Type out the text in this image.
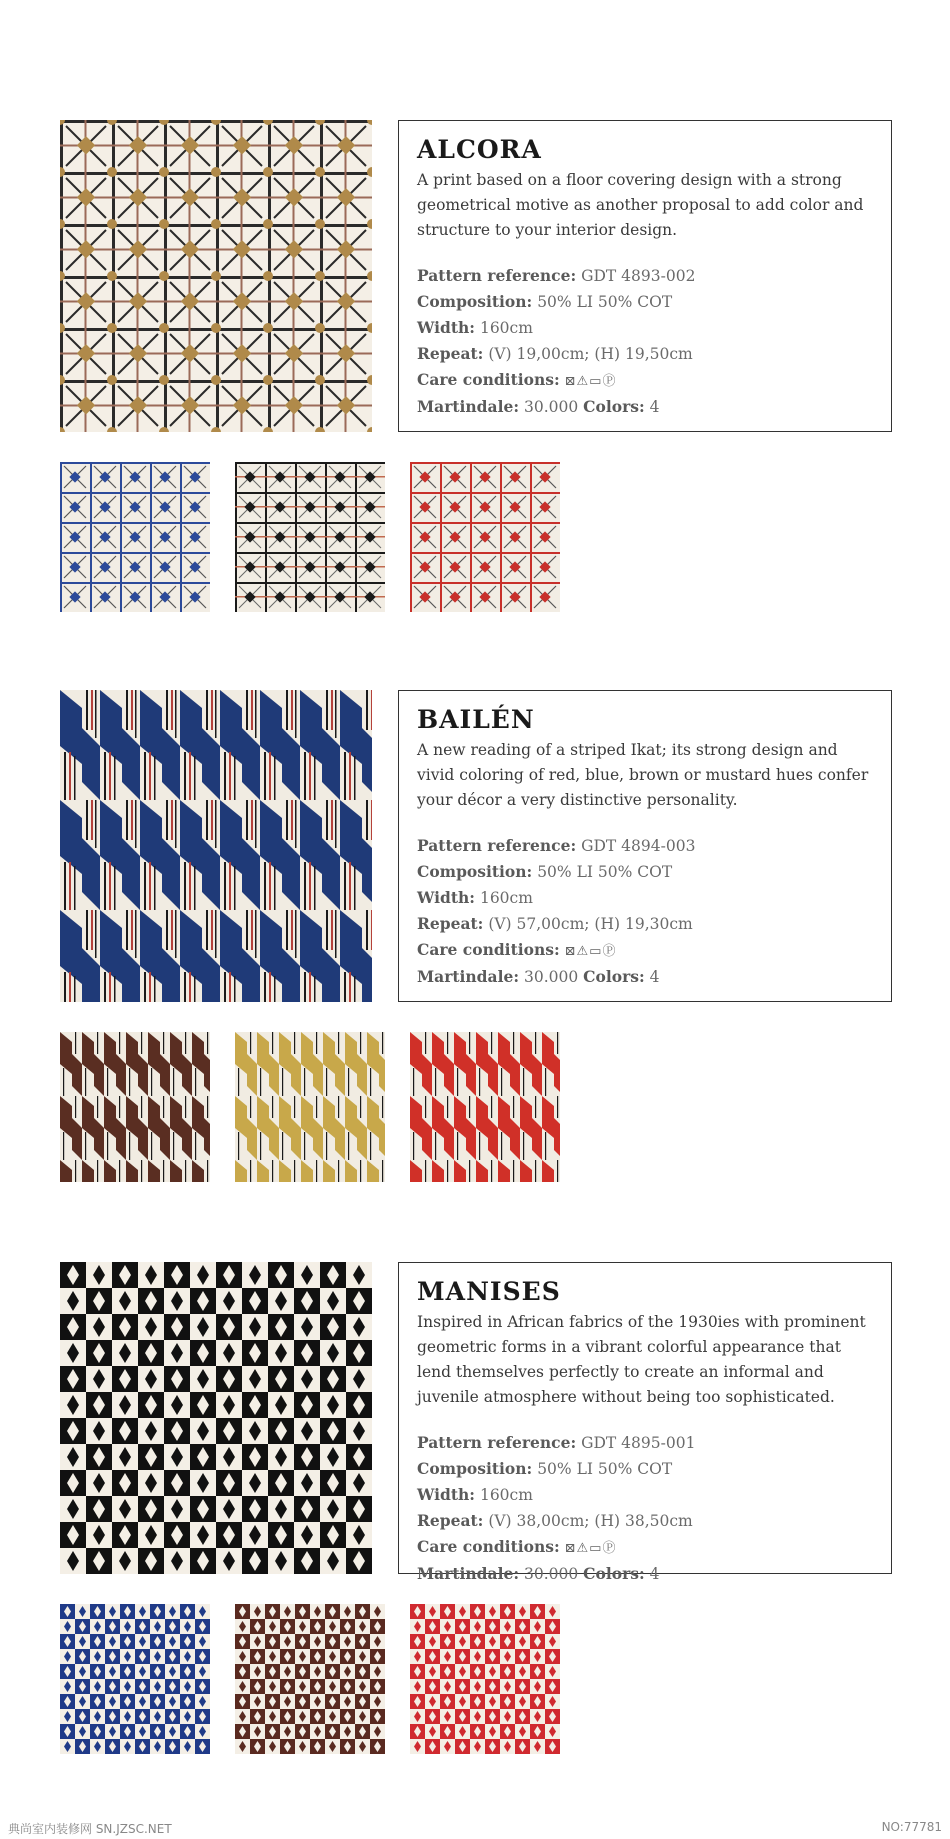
ALCORA

A print based on a floor covering design with a strong geometrical motive as another proposal to add color and structure to your interior design.

Pattern reference: GDT 4893-002
Composition: 50% LI 50% COT
Width: 160cm
Repeat: (V) 19,00cm; (H) 19,50cm
Care conditions: ⊠⚠▭Ⓟ
Martindale: 30.000 Colors: 4
BAILÉN

A new reading of a striped Ikat; its strong design and vivid coloring of red, blue, brown or mustard hues confer your décor a very distinctive personality.

Pattern reference: GDT 4894-003
Composition: 50% LI 50% COT
Width: 160cm
Repeat: (V) 57,00cm; (H) 19,30cm
Care conditions: ⊠⚠▭Ⓟ
Martindale: 30.000 Colors: 4
MANISES

Inspired in African fabrics of the 1930ies with prominent geometric forms in a vibrant colorful appearance that lend themselves perfectly to create an informal and juvenile atmosphere without being too sophisticated.

Pattern reference: GDT 4895-001
Composition: 50% LI 50% COT
Width: 160cm
Repeat: (V) 38,00cm; (H) 38,50cm
Care conditions: ⊠⚠▭Ⓟ
Martindale: 30.000 Colors: 4
典尚室内装修网 SN.JZSC.NET	NO:77781
